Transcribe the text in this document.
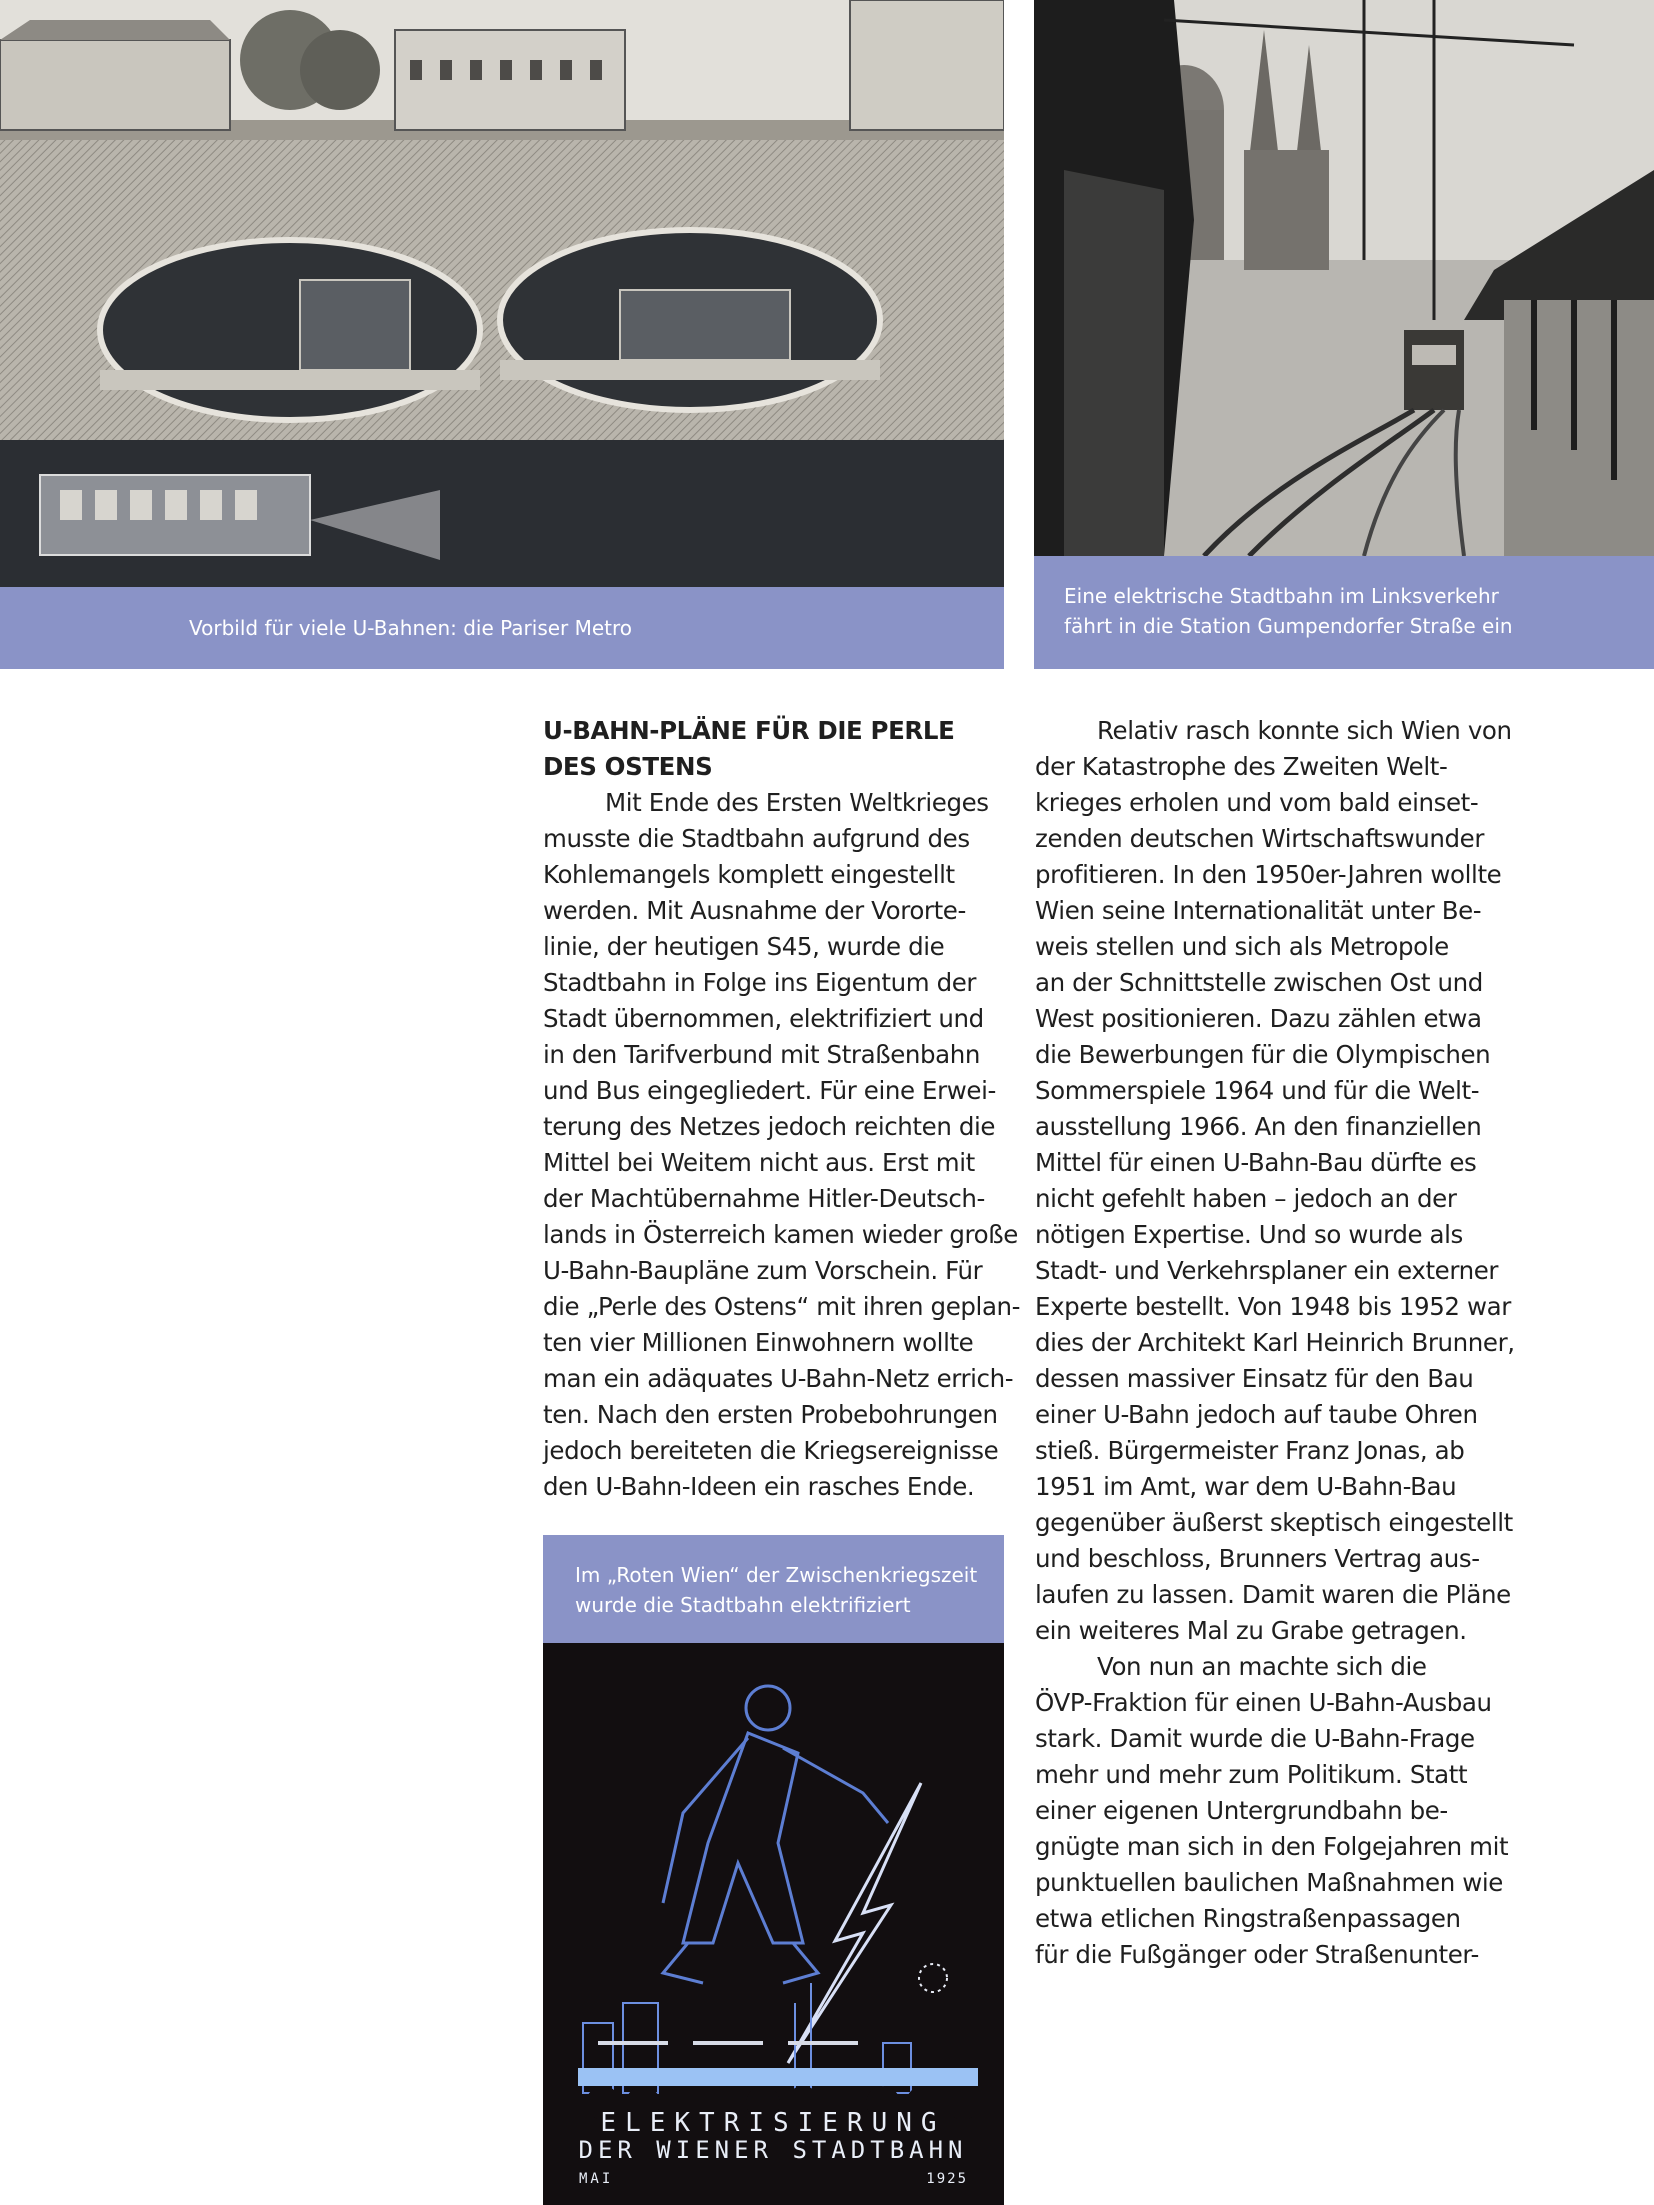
Vorbild für viele U-Bahnen: die Pariser Metro
Eine elektrische Stadtbahn im Linksverkehr
fährt in die Station Gumpendorfer Straße ein
U-BAHN-PLÄNE FÜR DIE PERLE
DES OSTENS
Mit Ende des Ersten Weltkrieges
musste die Stadtbahn aufgrund des
Kohlemangels komplett eingestellt
werden. Mit Ausnahme der Vororte-
linie, der heutigen S45, wurde die
Stadtbahn in Folge ins Eigentum der
Stadt übernommen, elektrifiziert und
in den Tarifverbund mit Straßenbahn
und Bus eingegliedert. Für eine Erwei-
terung des Netzes jedoch reichten die
Mittel bei Weitem nicht aus. Erst mit
der Machtübernahme Hitler-Deutsch-
lands in Österreich kamen wieder große
U-Bahn-Baupläne zum Vorschein. Für
die „Perle des Ostens“ mit ihren geplan-
ten vier Millionen Einwohnern wollte
man ein adäquates U-Bahn-Netz errich-
ten. Nach den ersten Probebohrungen
jedoch bereiteten die Kriegsereignisse
den U-Bahn-Ideen ein rasches Ende.
Relativ rasch konnte sich Wien von
der Katastrophe des Zweiten Welt-
krieges erholen und vom bald einset-
zenden deutschen Wirtschaftswunder
profitieren. In den 1950er-Jahren wollte
Wien seine Internationalität unter Be-
weis stellen und sich als Metropole
an der Schnittstelle zwischen Ost und
West positionieren. Dazu zählen etwa
die Bewerbungen für die Olympischen
Sommerspiele 1964 und für die Welt-
ausstellung 1966. An den finanziellen
Mittel für einen U-Bahn-Bau dürfte es
nicht gefehlt haben – jedoch an der
nötigen Expertise. Und so wurde als
Stadt- und Verkehrsplaner ein externer
Experte bestellt. Von 1948 bis 1952 war
dies der Architekt Karl Heinrich Brunner,
dessen massiver Einsatz für den Bau
einer U-Bahn jedoch auf taube Ohren
stieß. Bürgermeister Franz Jonas, ab
1951 im Amt, war dem U-Bahn-Bau
gegenüber äußerst skeptisch eingestellt
und beschloss, Brunners Vertrag aus-
laufen zu lassen. Damit waren die Pläne
ein weiteres Mal zu Grabe getragen.
Von nun an machte sich die
ÖVP-Fraktion für einen U-Bahn-Ausbau
stark. Damit wurde die U-Bahn-Frage
mehr und mehr zum Politikum. Statt
einer eigenen Untergrundbahn be-
gnügte man sich in den Folgejahren mit
punktuellen baulichen Maßnahmen wie
etwa etlichen Ringstraßenpassagen
für die Fußgänger oder Straßenunter-
Im „Roten Wien“ der Zwischenkriegszeit
wurde die Stadtbahn elektrifiziert
ELEKTRISIERUNG
DER WIENER STADTBAHN
MAI	1925
